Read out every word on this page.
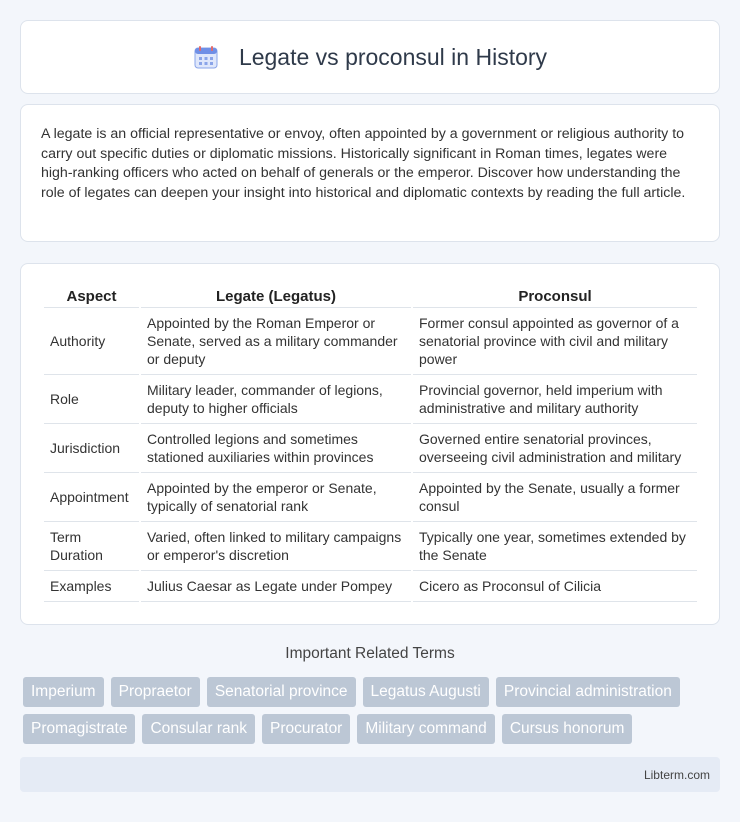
Legate vs proconsul in History

A legate is an official representative or envoy, often appointed by a government or religious authority to carry out specific duties or diplomatic missions. Historically significant in Roman times, legates were high-ranking officers who acted on behalf of generals or the emperor. Discover how understanding the role of legates can deepen your insight into historical and diplomatic contexts by reading the full article.

Aspect	Legate (Legatus)	Proconsul
Authority	Appointed by the Roman Emperor or Senate, served as a military commander or deputy	Former consul appointed as governor of a senatorial province with civil and military power
Role	Military leader, commander of legions, deputy to higher officials	Provincial governor, held imperium with administrative and military authority
Jurisdiction	Controlled legions and sometimes stationed auxiliaries within provinces	Governed entire senatorial provinces, overseeing civil administration and military
Appointment	Appointed by the emperor or Senate, typically of senatorial rank	Appointed by the Senate, usually a former consul
Term Duration	Varied, often linked to military campaigns or emperor's discretion	Typically one year, sometimes extended by the Senate
Examples	Julius Caesar as Legate under Pompey	Cicero as Proconsul of Cilicia
Important Related Terms
Imperium	Propraetor	Senatorial province	Legatus Augusti	Provincial administration
Promagistrate	Consular rank	Procurator	Military command	Cursus honorum
Libterm.com
